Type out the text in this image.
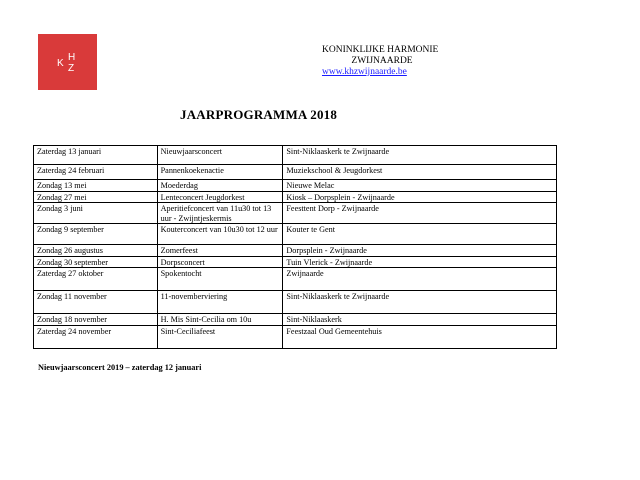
K
H
Z
KONINKLIJKE HARMONIE
ZWIJNAARDE
www.khzwijnaarde.be
JAARPROGRAMMA 2018
Zaterdag 13 januari	Nieuwjaarsconcert	Sint-Niklaaskerk te Zwijnaarde
Zaterdag 24 februari	Pannenkoekenactie	Muziekschool & Jeugdorkest
Zondag 13 mei	Moederdag	Nieuwe Melac
Zondag 27 mei	Lenteconcert Jeugdorkest	Kiosk – Dorpsplein - Zwijnaarde
Zondag 3 juni	Aperitiefconcert van 11u30 tot 13 uur - Zwijntjeskermis	Feesttent Dorp - Zwijnaarde
Zondag 9 september	Kouterconcert van 10u30 tot 12 uur	Kouter te Gent
Zondag 26 augustus	Zomerfeest	Dorpsplein - Zwijnaarde
Zondag 30 september	Dorpsconcert	Tuin Vlerick - Zwijnaarde
Zaterdag 27 oktober	Spokentocht	Zwijnaarde
Zondag 11 november	11-novemberviering	Sint-Niklaaskerk te Zwijnaarde
Zondag 18 november	H. Mis Sint-Cecilia om 10u	Sint-Niklaaskerk
Zaterdag 24 november	Sint-Ceciliafeest	Feestzaal Oud Gemeentehuis
Nieuwjaarsconcert 2019 – zaterdag 12 januari
